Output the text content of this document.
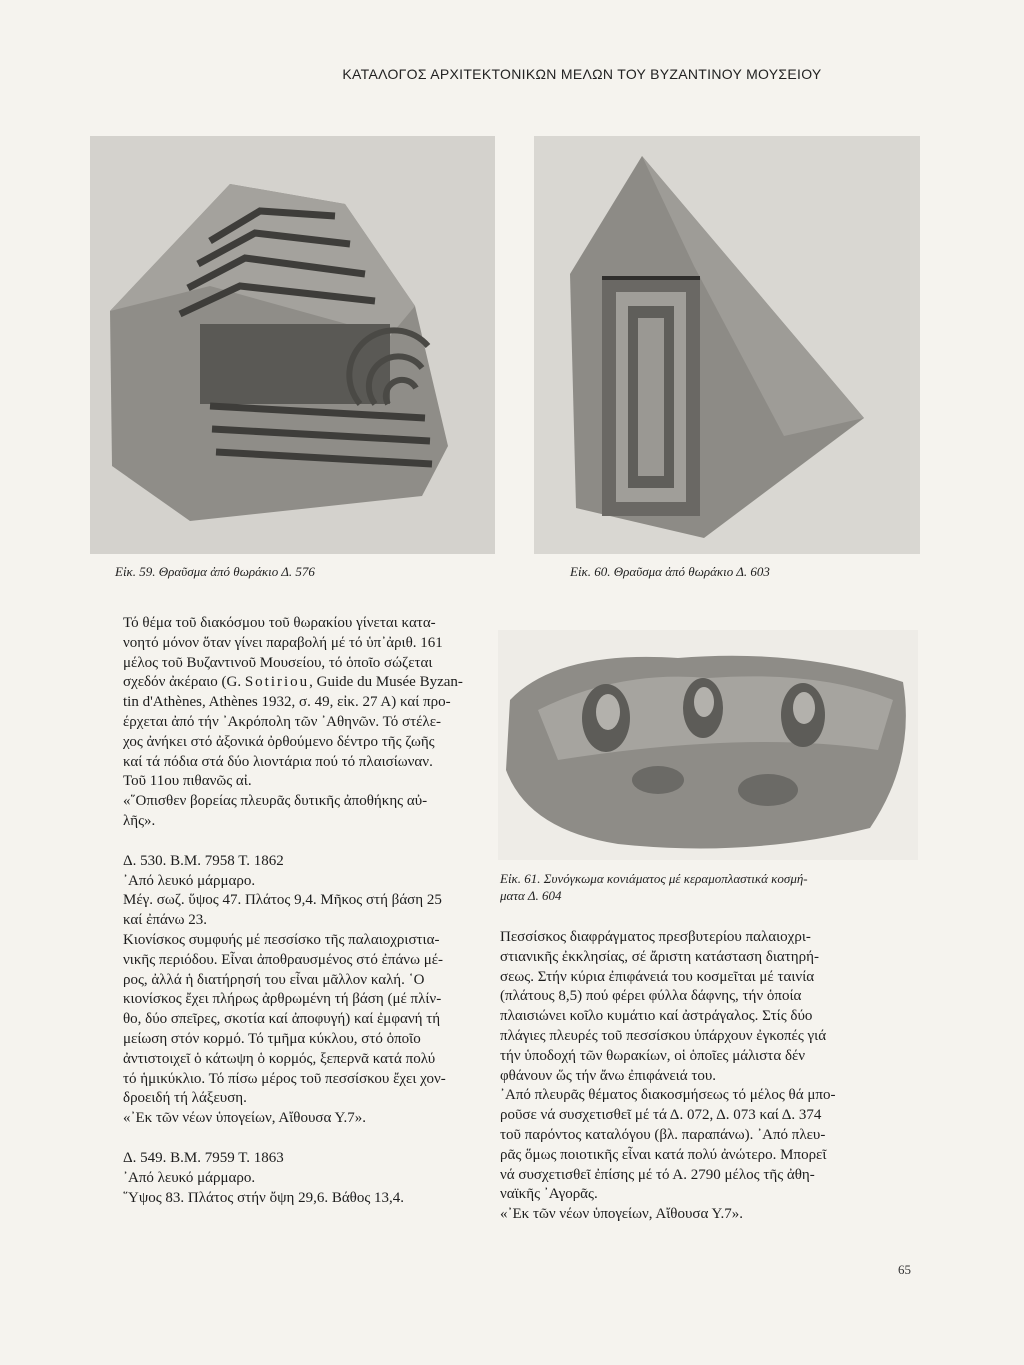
ΚΑΤΑΛΟΓΟΣ ΑΡΧΙΤΕΚΤΟΝΙΚΩΝ ΜΕΛΩΝ ΤΟΥ ΒΥΖΑΝΤΙΝΟΥ ΜΟΥΣΕΙΟΥ
Εἰκ. 59. Θραῦσμα ἀπό θωράκιο Δ. 576	Εἰκ. 60. Θραῦσμα ἀπό θωράκιο Δ. 603
Εἰκ. 61. Συνόγκωμα κονιάματος μέ κεραμοπλαστικά κοσμή-
ματα Δ. 604

Τό θέμα τοῦ διακόσμου τοῦ θωρακίου γίνεται κατα-

νοητό μόνον ὅταν γίνει παραβολή μέ τό ὑπ᾽ἀριθ. 161

μέλος τοῦ Βυζαντινοῦ Μουσείου, τό ὁποῖο σώζεται

σχεδόν ἀκέραιο (G. Sotiriou, Guide du Musée Byzan-

tin d'Athènes, Athènes 1932, σ. 49, εἰκ. 27 Α) καί προ-

έρχεται ἀπό τήν ᾽Ακρόπολη τῶν ᾽Αθηνῶν. Τό στέλε-

χος ἀνήκει στό ἀξονικά ὀρθούμενο δέντρο τῆς ζωῆς

καί τά πόδια στά δύο λιοντάρια πού τό πλαισίωναν.

Τοῦ 11ου πιθανῶς αἰ.

«῞Οπισθεν βορείας πλευρᾶς δυτικῆς ἀποθήκης αὐ-

λῆς».

Δ. 530. Β.Μ. 7958 Τ. 1862

᾽Από λευκό μάρμαρο.

Μέγ. σωζ. ὕψος 47. Πλάτος 9,4. Μῆκος στή βάση 25

καί ἐπάνω 23.

Κιονίσκος συμφυής μέ πεσσίσκο τῆς παλαιοχριστια-

νικῆς περιόδου. Εἶναι ἀποθραυσμένος στό ἐπάνω μέ-

ρος, ἀλλά ἡ διατήρησή του εἶναι μᾶλλον καλή. ῾Ο

κιονίσκος ἔχει πλήρως ἀρθρωμένη τή βάση (μέ πλίν-

θο, δύο σπεῖρες, σκοτία καί ἀποφυγή) καί ἐμφανή τή

μείωση στόν κορμό. Τό τμῆμα κύκλου, στό ὁποῖο

ἀντιστοιχεῖ ὁ κάτωψη ὁ κορμός, ξεπερνᾶ κατά πολύ

τό ἡμικύκλιο. Τό πίσω μέρος τοῦ πεσσίσκου ἔχει χον-

δροειδή τή λάξευση.

«᾽Εκ τῶν νέων ὑπογείων, Αἴθουσα Υ.7».

Δ. 549. Β.Μ. 7959 Τ. 1863

᾽Από λευκό μάρμαρο.

῞Υψος 83. Πλάτος στήν ὄψη 29,6. Βάθος 13,4.

Πεσσίσκος διαφράγματος πρεσβυτερίου παλαιοχρι-

στιανικῆς ἐκκλησίας, σέ ἄριστη κατάσταση διατηρή-

σεως. Στήν κύρια ἐπιφάνειά του κοσμεῖται μέ ταινία

(πλάτους 8,5) πού φέρει φύλλα δάφνης, τήν ὁποία

πλαισιώνει κοῖλο κυμάτιο καί ἀστράγαλος. Στίς δύο

πλάγιες πλευρές τοῦ πεσσίσκου ὑπάρχουν ἐγκοπές γιά

τήν ὑποδοχή τῶν θωρακίων, οἱ ὁποῖες μάλιστα δέν

φθάνουν ὥς τήν ἄνω ἐπιφάνειά του.

᾽Από πλευρᾶς θέματος διακοσμήσεως τό μέλος θά μπο-

ροῦσε νά συσχετισθεῖ μέ τά Δ. 072, Δ. 073 καί Δ. 374

τοῦ παρόντος καταλόγου (βλ. παραπάνω). ᾽Από πλευ-

ρᾶς ὅμως ποιοτικῆς εἶναι κατά πολύ ἀνώτερο. Μπορεῖ

νά συσχετισθεῖ ἐπίσης μέ τό Α. 2790 μέλος τῆς ἀθη-

ναϊκῆς ᾽Αγορᾶς.

«᾽Εκ τῶν νέων ὑπογείων, Αἴθουσα Υ.7».

65
